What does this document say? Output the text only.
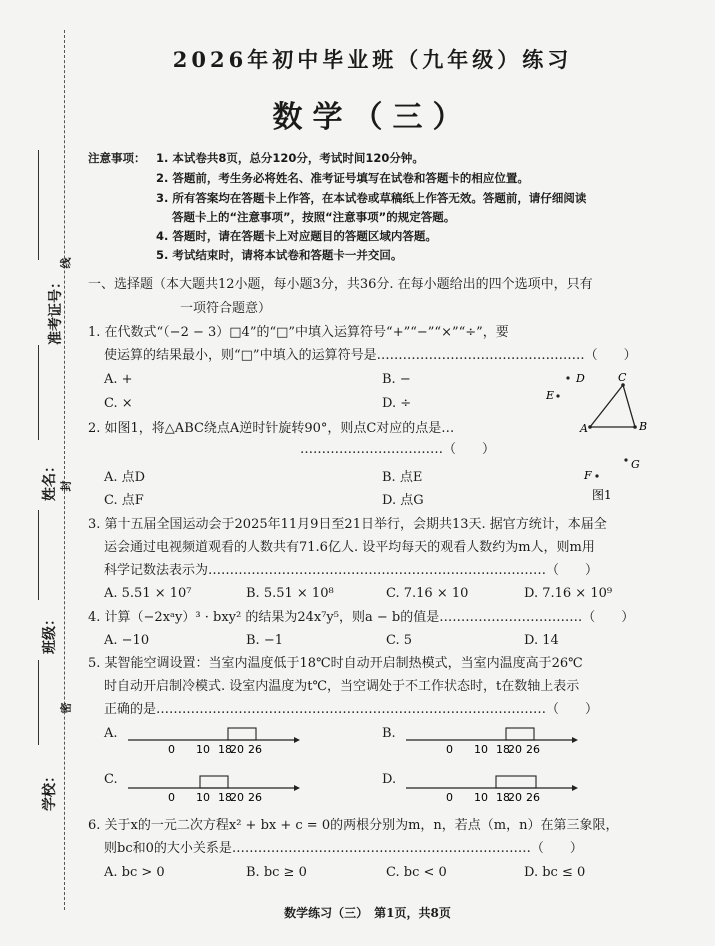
准考证号：
姓名：
班级：
学校：
线
封
密
2026年初中毕业班（九年级）练习
数学（三）
注意事项： 1. 本试卷共8页，总分120分，考试时间120分钟。
2. 答题前，考生务必将姓名、准考证号填写在试卷和答题卡的相应位置。
3. 所有答案均在答题卡上作答，在本试卷或草稿纸上作答无效。答题前，请仔细阅读
答题卡上的“注意事项”，按照“注意事项”的规定答题。
4. 答题时，请在答题卡上对应题目的答题区域内答题。
5. 考试结束时，请将本试卷和答题卡一并交回。
一、选择题（本大题共12小题，每小题3分，共36分. 在每小题给出的四个选项中，只有
一项符合题意）
1. 在代数式“（−2 − 3）□4”的“□”中填入运算符号“+”“−”“×”“÷”，要
使运算的结果最小，则“□”中填入的运算符号是…………………………………………（　　）
A. +	B. −
C. ×	D. ÷
2. 如图1，将△ABC绕点A逆时针旋转90°，则点C对应的点是…
……………………………（　　）
A. 点D	B. 点E
C. 点F	D. 点G
D	C
E
A	B
F
G
图1
3. 第十五届全国运动会于2025年11月9日至21日举行，会期共13天. 据官方统计，本届全
运会通过电视频道观看的人数共有71.6亿人. 设平均每天的观看人数约为m人，则m用
科学记数法表示为……………………………………………………………………（　　）
A. 5.51 × 10⁷	B. 5.51 × 10⁸	C. 7.16 × 10	D. 7.16 × 10⁹
4. 计算（−2xᵃy）³ · bxy² 的结果为24x⁷y⁵，则a − b的值是……………………………（　　）
A. −10	B. −1	C. 5	D. 14
5. 某智能空调设置：当室内温度低于18℃时自动开启制热模式，当室内温度高于26℃
时自动开启制冷模式. 设室内温度为t℃，当空调处于不工作状态时，t在数轴上表示
正确的是………………………………………………………………………………（　　）
A.	B.
C.	D.
0 10 18
20 26	0 10 18
20 26
0 10 18
20 26	0 10 18
20 26
6. 关于x的一元二次方程x² + bx + c = 0的两根分别为m，n，若点（m，n）在第三象限，
则bc和0的大小关系是……………………………………………………………（　　）
A. bc > 0	B. bc ≥ 0	C. bc < 0	D. bc ≤ 0
数学练习（三）　第1页，共8页
